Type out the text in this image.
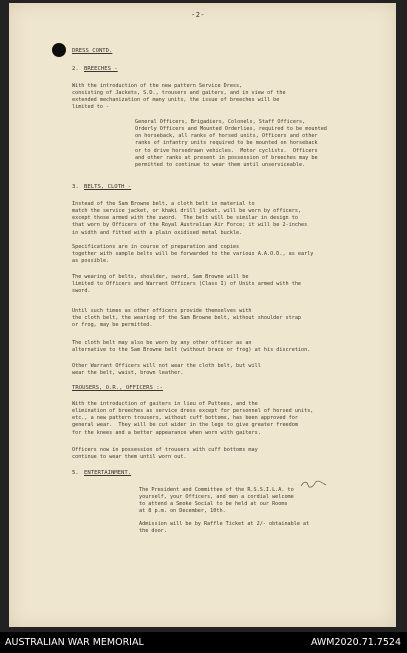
-2-
DRESS CONTD.
2. BREECHES -
With the introduction of the new pattern Service Dress,
consisting of Jackets, S.D., trousers and gaiters, and in view of the
extended mechanization of many units, the issue of breeches will be
limited to -
General Officers, Brigadiers, Colonels, Staff Officers,
Orderly Officers and Mounted Orderlies, required to be mounted
on horseback, all ranks of horsed units, Officers and other
ranks of infantry units required to be mounted on horseback
or to drive horsedrawn vehicles.  Motor cyclists.  Officers
and other ranks at present in possession of breeches may be
permitted to continue to wear them until unserviceable.
3. BELTS, CLOTH -
Instead of the Sam Browne belt, a cloth belt in material to
match the service jacket, or khaki drill jacket, will be worn by officers,
except those armed with the sword.  The belt will be similar in design to
that worn by Officers of the Royal Australian Air Force; it will be 2-inches
in width and fitted with a plain oxidised metal buckle.
Specifications are in course of preparation and copies
together with sample belts will be forwarded to the various A.A.O.D., as early
as possible.
The wearing of belts, shoulder, sword, Sam Browne will be
limited to Officers and Warrant Officers (Class I) of Units armed with the
sword.
Until such times as other officers provide themselves with
the cloth belt, the wearing of the Sam Browne belt, without shoulder strap
or frog, may be permitted.
The cloth belt may also be worn by any other officer as an
alternative to the Sam Browne belt (without brace or frog) at his discretion.
Other Warrant Officers will not wear the cloth belt, but will
wear the belt, waist, brown leather.
TROUSERS, O.R., OFFICERS :-
With the introduction of gaiters in lieu of Puttees, and the
elimination of breeches as service dress except for personnel of horsed units,
etc., a new pattern trousers, without cuff bottoms, has been approved for
general wear.  They will be cut wider in the legs to give greater freedom
for the knees and a better appearance when worn with gaiters.
Officers now in possession of trousers with cuff bottoms may
continue to wear them until worn out.
5. ENTERTAINMENT.
The President and Committee of the R.S.S.I.L.A. to
yourself, your Officers, and men a cordial welcome
to attend a Smoke Social to be held at our Rooms
at 8 p.m. on December, 10th.
Admission will be by Raffle Ticket at 2/- obtainable at
the door.
AUSTRALIAN WAR MEMORIAL	AWM2020.71.7524
